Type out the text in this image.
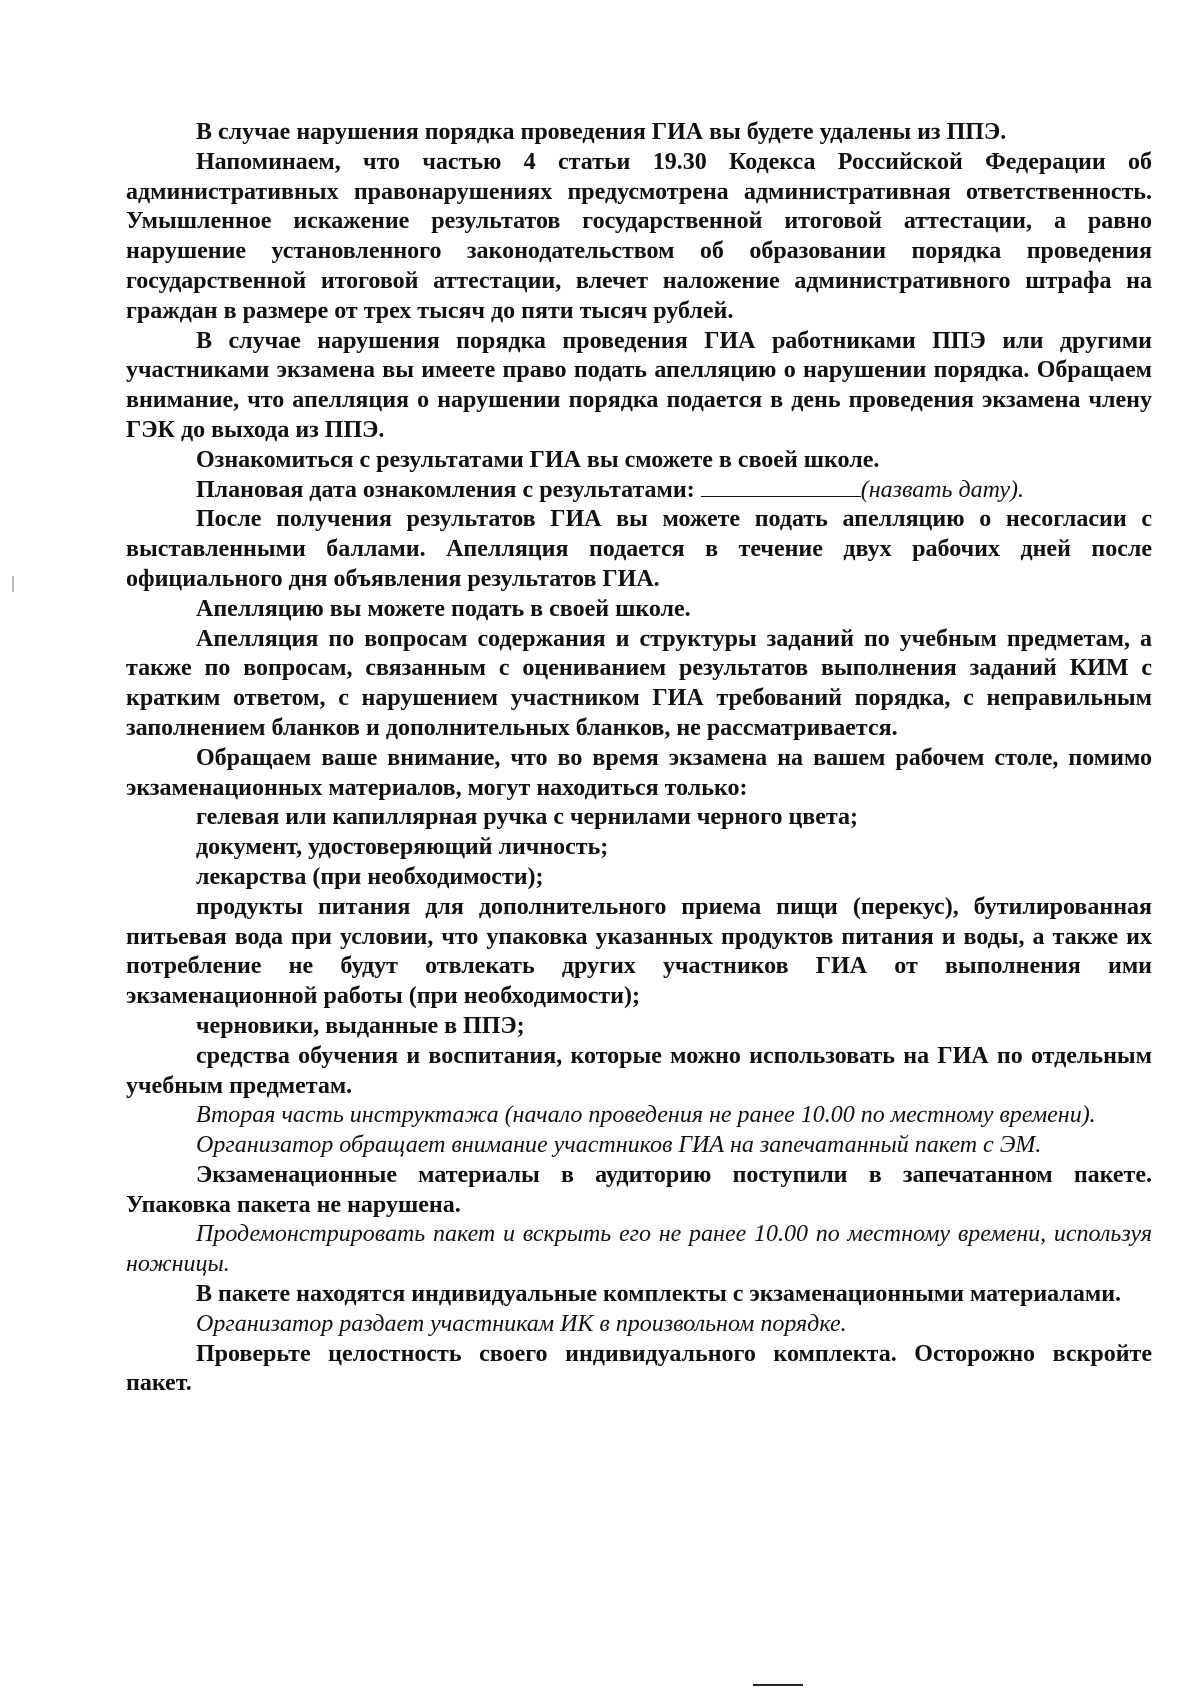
В случае нарушения порядка проведения ГИА вы будете удалены из ППЭ.

Напоминаем, что частью 4 статьи 19.30 Кодекса Российской Федерации об административных правонарушениях предусмотрена административная ответственность. Умышленное искажение результатов государственной итоговой аттестации, а равно нарушение установленного законодательством об образовании порядка проведения государственной итоговой аттестации, влечет наложение административного штрафа на граждан в размере от трех тысяч до пяти тысяч рублей.

В случае нарушения порядка проведения ГИА работниками ППЭ или другими участниками экзамена вы имеете право подать апелляцию о нарушении порядка. Обращаем внимание, что апелляция о нарушении порядка подается в день проведения экзамена члену ГЭК до выхода из ППЭ.

Ознакомиться с результатами ГИА вы сможете в своей школе.

Плановая дата ознакомления с результатами:	(назвать дату).

После получения результатов ГИА вы можете подать апелляцию о несогласии с выставленными баллами. Апелляция подается в течение двух рабочих дней после официального дня объявления результатов ГИА.

Апелляцию вы можете подать в своей школе.

Апелляция по вопросам содержания и структуры заданий по учебным предметам, а также по вопросам, связанным с оцениванием результатов выполнения заданий КИМ с кратким ответом, с нарушением участником ГИА требований порядка, с неправильным заполнением бланков и дополнительных бланков, не рассматривается.

Обращаем ваше внимание, что во время экзамена на вашем рабочем столе, помимо экзаменационных материалов, могут находиться только:

гелевая или капиллярная ручка с чернилами черного цвета;

документ, удостоверяющий личность;

лекарства (при необходимости);

продукты питания для дополнительного приема пищи (перекус), бутилированная питьевая вода при условии, что упаковка указанных продуктов питания и воды, а также их потребление не будут отвлекать других участников ГИА от выполнения ими экзаменационной работы (при необходимости);

черновики, выданные в ППЭ;

средства обучения и воспитания, которые можно использовать на ГИА по отдельным учебным предметам.

Вторая часть инструктажа (начало проведения не ранее 10.00 по местному времени).

Организатор обращает внимание участников ГИА на запечатанный пакет с ЭМ.

Экзаменационные материалы в аудиторию поступили в запечатанном пакете. Упаковка пакета не нарушена.

Продемонстрировать пакет и вскрыть его не ранее 10.00 по местному времени, используя ножницы.

В пакете находятся индивидуальные комплекты с экзаменационными материалами.

Организатор раздает участникам ИК в произвольном порядке.

Проверьте целостность своего индивидуального комплекта. Осторожно вскройте пакет.
